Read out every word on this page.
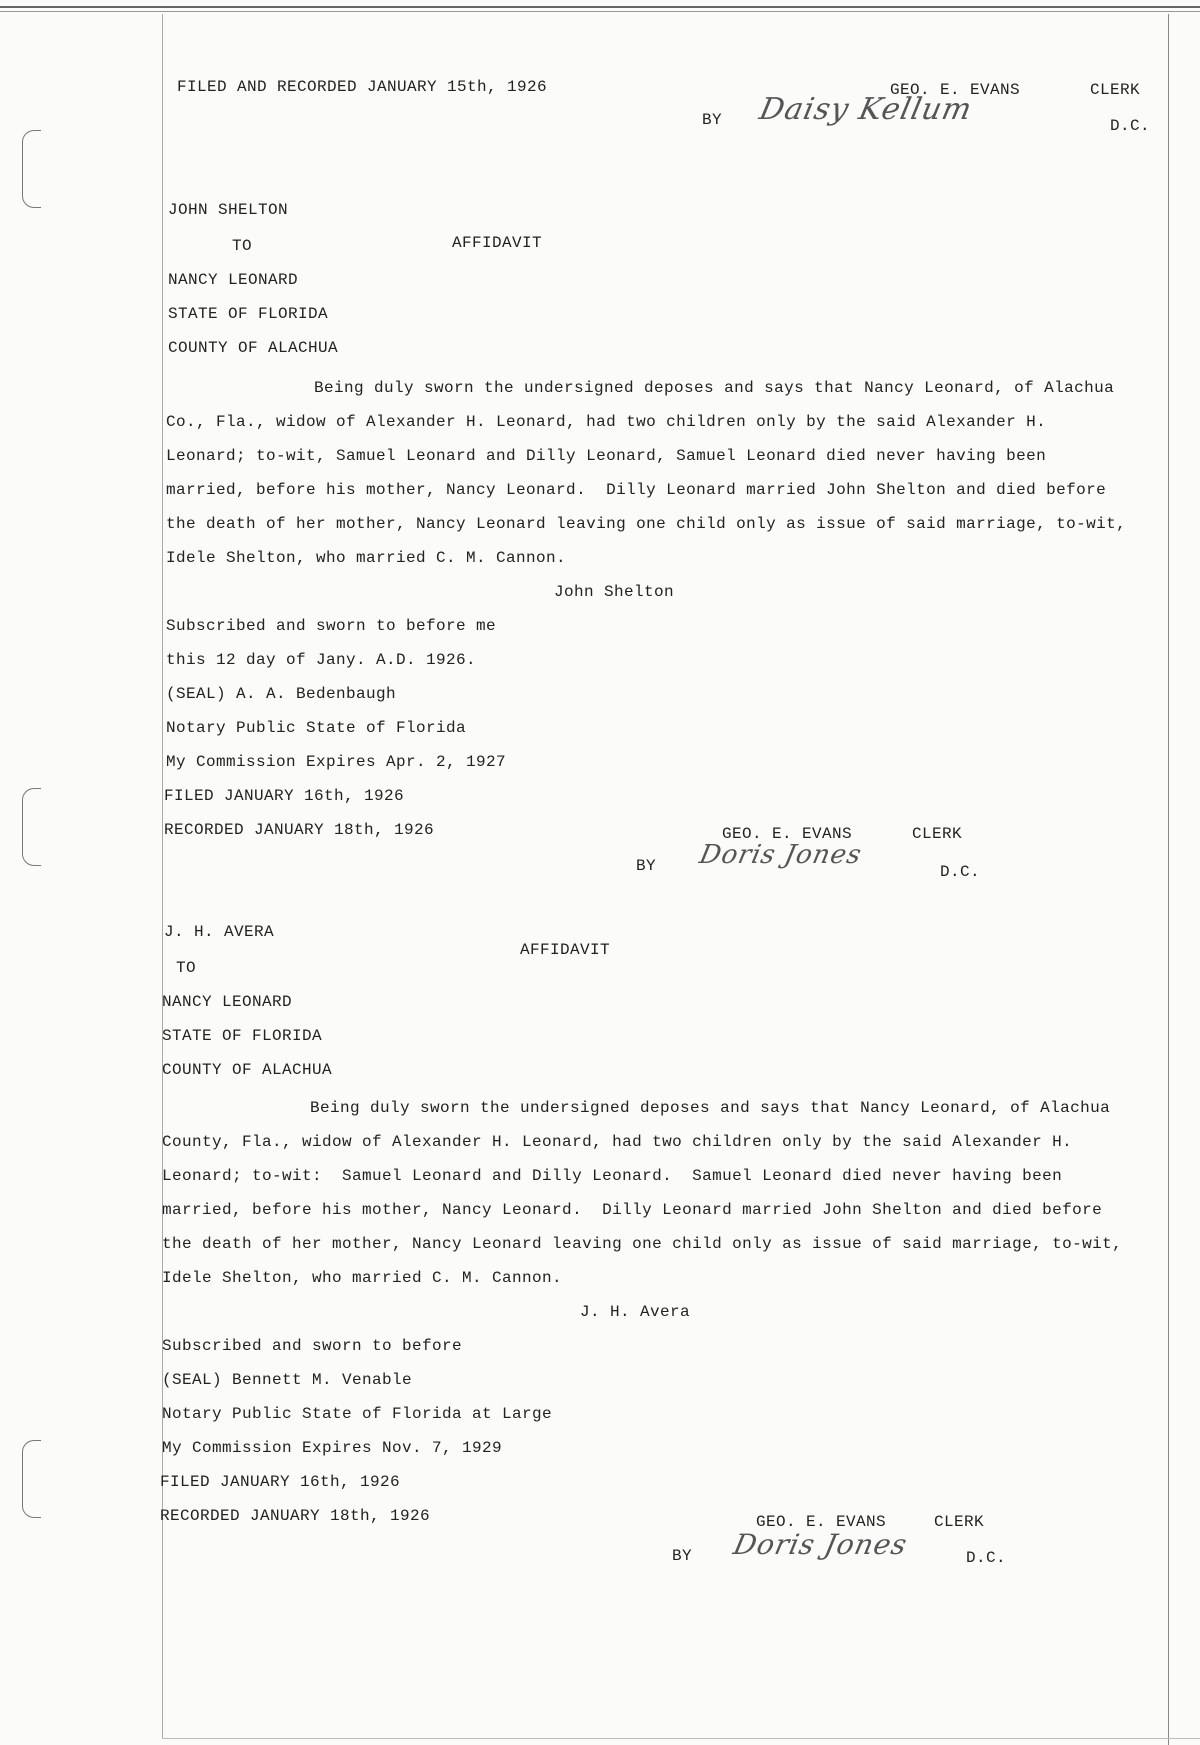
FILED AND RECORDED JANUARY 15th, 1926	GEO. E. EVANS	CLERK
BY Daisy Kellum	D.C.
JOHN SHELTON
TO	AFFIDAVIT
NANCY LEONARD
STATE OF FLORIDA
COUNTY OF ALACHUA
Being duly sworn the undersigned deposes and says that Nancy Leonard, of Alachua
Co., Fla., widow of Alexander H. Leonard, had two children only by the said Alexander H.
Leonard; to-wit, Samuel Leonard and Dilly Leonard, Samuel Leonard died never having been
married, before his mother, Nancy Leonard.  Dilly Leonard married John Shelton and died before
the death of her mother, Nancy Leonard leaving one child only as issue of said marriage, to-wit,
Idele Shelton, who married C. M. Cannon.
John Shelton
Subscribed and sworn to before me
this 12 day of Jany. A.D. 1926.
(SEAL) A. A. Bedenbaugh
Notary Public State of Florida
My Commission Expires Apr. 2, 1927
FILED JANUARY 16th, 1926
RECORDED JANUARY 18th, 1926	GEO. E. EVANS	CLERK
BY Doris Jones
D.C.
J. H. AVERA
AFFIDAVIT
TO
NANCY LEONARD
STATE OF FLORIDA
COUNTY OF ALACHUA
Being duly sworn the undersigned deposes and says that Nancy Leonard, of Alachua
County, Fla., widow of Alexander H. Leonard, had two children only by the said Alexander H.
Leonard; to-wit:  Samuel Leonard and Dilly Leonard.  Samuel Leonard died never having been
married, before his mother, Nancy Leonard.  Dilly Leonard married John Shelton and died before
the death of her mother, Nancy Leonard leaving one child only as issue of said marriage, to-wit,
Idele Shelton, who married C. M. Cannon.
J. H. Avera
Subscribed and sworn to before
(SEAL) Bennett M. Venable
Notary Public State of Florida at Large
My Commission Expires Nov. 7, 1929
FILED JANUARY 16th, 1926
RECORDED JANUARY 18th, 1926	GEO. E. EVANS	CLERK
BY Doris Jones	D.C.
